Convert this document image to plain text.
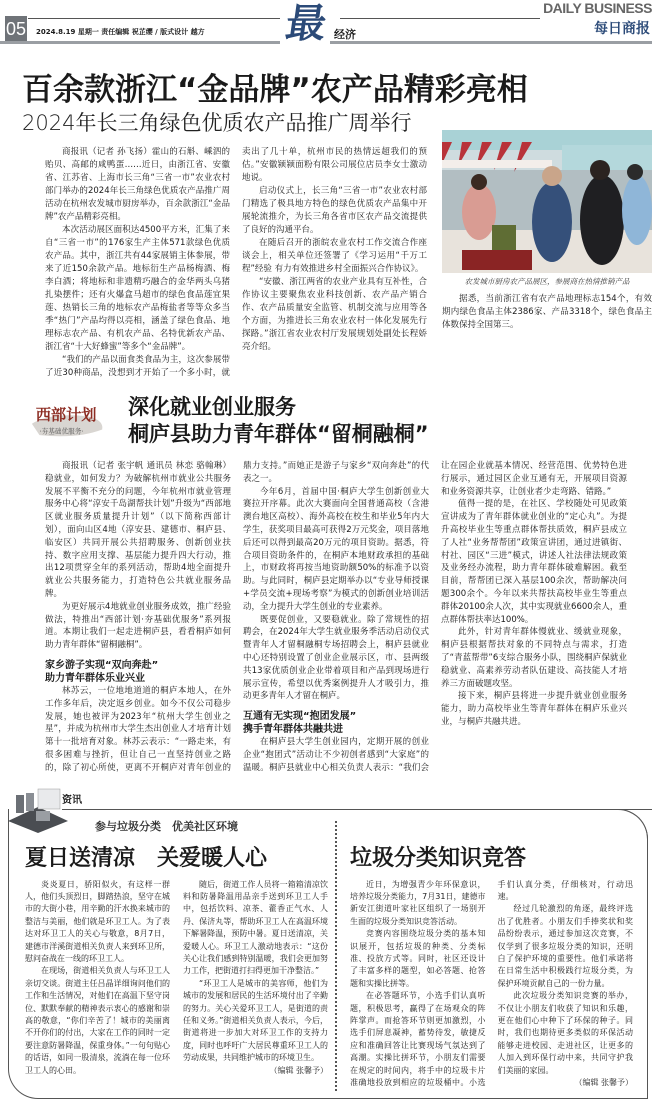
05 2024.8.19 星期一 责任编辑 祝芷缨 / 版式设计 越方 最 经济
DAILY BUSINESS
每日商报
百余款浙江“金品牌”农产品精彩亮相
2024年长三角绿色优质农产品推广周举行

商报讯（记者 孙飞扬）霍山的石斛、嵊泗的贻贝、高邮的咸鸭蛋……近日，由浙江省、安徽省、江苏省、上海市长三角“三省一市”农业农村部门举办的2024年长三角绿色优质农产品推广周活动在杭州农发城市厨房举办，百余款浙江“金品牌”农产品精彩亮相。

本次活动展区面积达4500平方米，汇集了来自“三省一市”的176家生产主体571款绿色优质农产品。其中，浙江共有44家展销主体参展，带来了近150余款产品。地标衍生产品杨梅酒、梅李白酒；将地标和非遗精巧融合的金华两头乌猪扎染摆件；还有火爆盒马超市的绿色食品莲宜果莲、热销长三角的地标农产品梅盐者等等众多当季“热门”产品均得以亮相，涵盖了绿色食品、地理标志农产品、有机农产品、名特优新农产品、浙江省“十大好蜂蜜”等多个“金品牌”。

“我们的产品以面食类食品为主，这次参展带了近30种商品，没想到才开始了一个多小时，就卖出了几十单，杭州市民的热情远超我们的预估。”安徽颍颍面粉有限公司展位店员李女士激动地说。

启动仪式上，长三角“三省一市”农业农村部门精选了极具地方特色的绿色优质农产品集中开展轮流推介，为长三角各省市区农产品交流提供了良好的沟通平台。

在随后召开的浙皖农业农村工作交流合作座谈会上，相关单位还签署了《学习运用“千万工程”经验 有力有效推进乡村全面振兴合作协议》。

“安徽、浙江两省的农业产业具有互补性，合作协议主要聚焦农业科技创新、农产品产销合作、农产品质量安全监管、机制交流与应用等各个方面，为推进长三角农业农村一体化发展先行探路。”浙江省农业农村厅发展规划处副处长程娇亮介绍。

农发城市厨房农产品展区，参展商在热情推销产品

据悉，当前浙江省有农产品地理标志154个，有效期内绿色食品主体2386家、产品3318个，绿色食品主体数保持全国第三。

西部计划
·夯基础优服务·
深化就业创业服务
桐庐县助力青年群体“留桐融桐”

商报讯（记者 张宇帆 通讯员 林恋 骆翰琳）稳就业，如何发力？为破解杭州市就业公共服务发展不平衡不充分的问题，今年杭州市就业管理服务中心将“淳安千岛湖帮扶计划”升级为“西部地区就业服务质量提升计划”（以下简称西部计划），面向山区4地（淳安县、建德市、桐庐县、临安区）共同开展公共招聘服务、创新创业扶持、数字应用支撑、基层能力提升四大行动，推出12项贯穿全年的系列活动，帮助4地全面提升就业公共服务能力，打造特色公共就业服务品牌。

为更好展示4地就业创业服务成效，推广经验做法，特推出“西部计划·夯基础优服务”系列报道。本期让我们一起走进桐庐县，看看桐庐如何助力青年群体“留桐融桐”。

家乡游子实现“双向奔赴”
助力青年群体乐业兴业

林苏云，一位地地道道的桐庐本地人，在外工作多年后，决定返乡创业。如今不仅公司稳步发展，她也被评为2023年“杭州大学生创业之星”，并成为杭州市大学生杰出创业人才培育计划第十一批培育对象。林苏云表示：“一路走来，有很多困难与挫折，但让自己一直坚持创业之路的，除了初心所使，更离不开桐庐对青年创业的鼎力支持。”而她正是游子与家乡“双向奔赴”的代表之一。

今年6月，首届中国·桐庐大学生创新创业大赛拉开序幕。此次大赛面向全国普通高校（含港澳台地区高校）、海外高校在校生和毕业5年内大学生，获奖项目最高可获得2万元奖金，项目落地后还可以得到最高20万元的项目资助。据悉，符合项目资助条件的，在桐庐本地财政承担的基础上，市财政将再按当地资助额50%的标准予以资助。与此同时，桐庐县定期举办以“专业导师授课+学员交流+现场考察”为模式的创新创业培训活动，全力提升大学生创业的专业素养。

既要促创业，又要稳就业。除了常规性的招聘会，在2024年大学生就业服务季活动启动仪式暨青年人才留桐融桐专场招聘会上，桐庐县就业中心还特别设置了创业企业展示区，市、县两级共13家优质创业企业带着项目和产品到现场进行展示宣传，希望以优秀案例提升人才吸引力，推动更多青年人才留在桐庐。

互通有无实现“抱团发展”
携手青年群体共融共进

在桐庐县大学生创业园内，定期开展的创业企业“抱团式”活动让不少初创者感到“大家庭”的温暖。桐庐县就业中心相关负责人表示：“我们会让在园企业就基本情况、经营范围、优势特色进行展示，通过园区企业互通有无，开展项目资源和业务资源共享，让创业者少走弯路、错路。”

值得一提的是，在社区、学校随处可见政策宣讲成为了青年群体就业创业的“定心丸”。为提升高校毕业生等重点群体帮扶质效，桐庐县成立了人社“业务帮帮团”政策宣讲团，通过进镇街、村社、园区“三进”模式，讲述人社法律法规政策及业务经办流程，助力青年群体破难解困。截至目前，帮帮团已深入基层100余次，帮助解决问题300余个。今年以来共帮扶高校毕业生等重点群体20100余人次，其中实现就业6600余人，重点群体帮扶率达100%。

此外，针对青年群体慢就业、缓就业现象，桐庐县根据帮扶对象的不同特点与需求，打造了“青蓝帮带”6支综合服务小队，围绕桐庐保就业稳就业、高素养劳动者队伍建设、高技能人才培养三方面破题攻坚。

接下来，桐庐县将进一步提升就业创业服务能力，助力高校毕业生等青年群体在桐庐乐业兴业，与桐庐共融共进。

资讯
参与垃圾分类　优美社区环境
夏日送清凉　关爱暖人心

炎炎夏日，骄阳似火，有这样一群人，他们头顶烈日，脚踏热浪，坚守在城市的大街小巷，用辛勤的汗水换来城市的整洁与美丽，他们就是环卫工人。为了表达对环卫工人的关心与敬意，8月7日，建德市洋溪街道相关负责人来到环卫所，慰问奋战在一线的环卫工人。

在现场，街道相关负责人与环卫工人亲切交谈。街道主任吕晶详细询问他们的工作和生活情况，对他们在高温下坚守岗位、默默奉献的精神表示衷心的感谢和崇高的敬意，“你们辛苦了！城市的美丽离不开你们的付出，大家在工作的同时一定要注意防暑降温，保重身体。”一句句贴心的话语，如同一股清泉，流淌在每一位环卫工人的心田。

随后，街道工作人员将一箱箱清凉饮料和防暑降温用品亲手送到环卫工人手中，包括饮料、凉茶、藿香正气水、人丹、保济丸等，帮助环卫工人在高温环境下解暑降温，预防中暑。夏日送清凉，关爱暖人心。环卫工人激动地表示：“这份关心让我们感到特别温暖，我们会更加努力工作，把街道打扫得更加干净整洁。”

“环卫工人是城市的美容师，他们为城市的发展和居民的生活环境付出了辛勤的努力。关心关爱环卫工人，是街道的责任和义务。”街道相关负责人表示，今后，街道将进一步加大对环卫工作的支持力度，同时也呼吁广大居民尊重环卫工人的劳动成果，共同维护城市的环境卫生。

（编辑 张馨予）

垃圾分类知识竞答

近日，为增强青少年环保意识，培养垃圾分类能力，7月31日，建德市新安江街道叶家社区组织了一场别开生面的垃圾分类知识竞答活动。

竞赛内容围绕垃圾分类的基本知识展开，包括垃圾的种类、分类标准、投放方式等。同时，社区还设计了丰富多样的题型，如必答题、抢答题和实操比拼等。

在必答题环节，小选手们认真听题，积极思考，赢得了在场观众的阵阵掌声。而抢答环节则更加激烈，小选手们屏息凝神，蓄势待发，敏捷反应和准确回答让比赛现场气氛达到了高潮。实操比拼环节，小朋友们需要在规定的时间内，将手中的垃圾卡片准确地投放到相应的垃圾桶中。小选手们认真分类，仔细核对，行动迅速。

经过几轮激烈的角逐，最终评选出了优胜者。小朋友们手捧奖状和奖品纷纷表示，通过参加这次竞赛，不仅学到了很多垃圾分类的知识，还明白了保护环境的重要性。他们承诺将在日常生活中积极践行垃圾分类，为保护环境贡献自己的一份力量。

此次垃圾分类知识竞赛的举办，不仅让小朋友们收获了知识和乐趣，更在他们心中种下了环保的种子。同时，我们也期待更多类似的环保活动能够走进校园、走进社区，让更多的人加入到环保行动中来，共同守护我们美丽的家园。

（编辑 张馨予）
